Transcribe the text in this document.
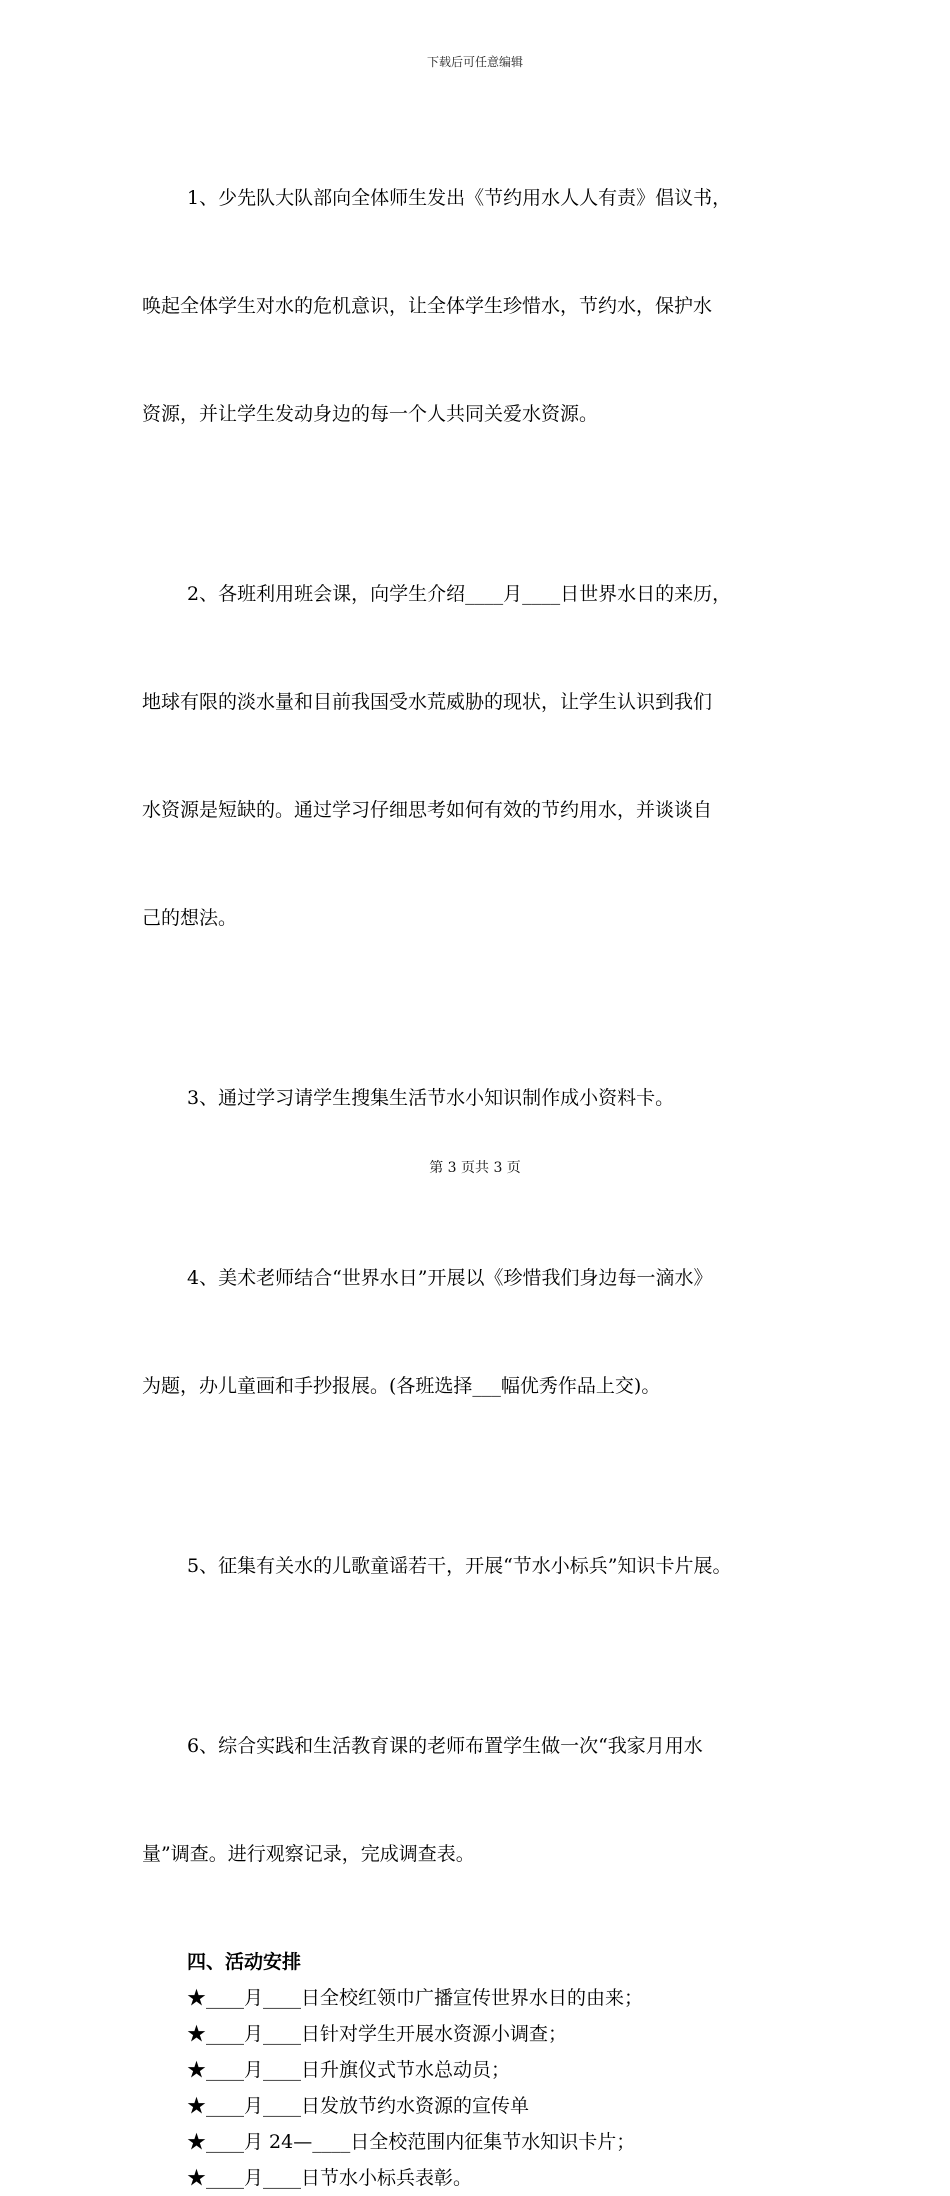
下载后可任意编辑

1、少先队大队部向全体师生发出《节约用水人人有责》倡议书，

唤起全体学生对水的危机意识，让全体学生珍惜水，节约水，保护水

资源，并让学生发动身边的每一个人共同关爱水资源。

2、各班利用班会课，向学生介绍____月____日世界水日的来历，

地球有限的淡水量和目前我国受水荒威胁的现状，让学生认识到我们

水资源是短缺的。通过学习仔细思考如何有效的节约用水，并谈谈自

己的想法。

3、通过学习请学生搜集生活节水小知识制作成小资料卡。

4、美术老师结合“世界水日”开展以《珍惜我们身边每一滴水》

为题，办儿童画和手抄报展。(各班选择___幅优秀作品上交)。

5、征集有关水的儿歌童谣若干，开展“节水小标兵”知识卡片展。

6、综合实践和生活教育课的老师布置学生做一次“我家月用水

量”调查。进行观察记录，完成调查表。

四、活动安排
★____月____日全校红领巾广播宣传世界水日的由来；
★____月____日针对学生开展水资源小调查；
★____月____日升旗仪式节水总动员；
★____月____日发放节约水资源的宣传单
★____月 24—____日全校范围内征集节水知识卡片；
★____月____日节水小标兵表彰。
第 3 页共 3 页
